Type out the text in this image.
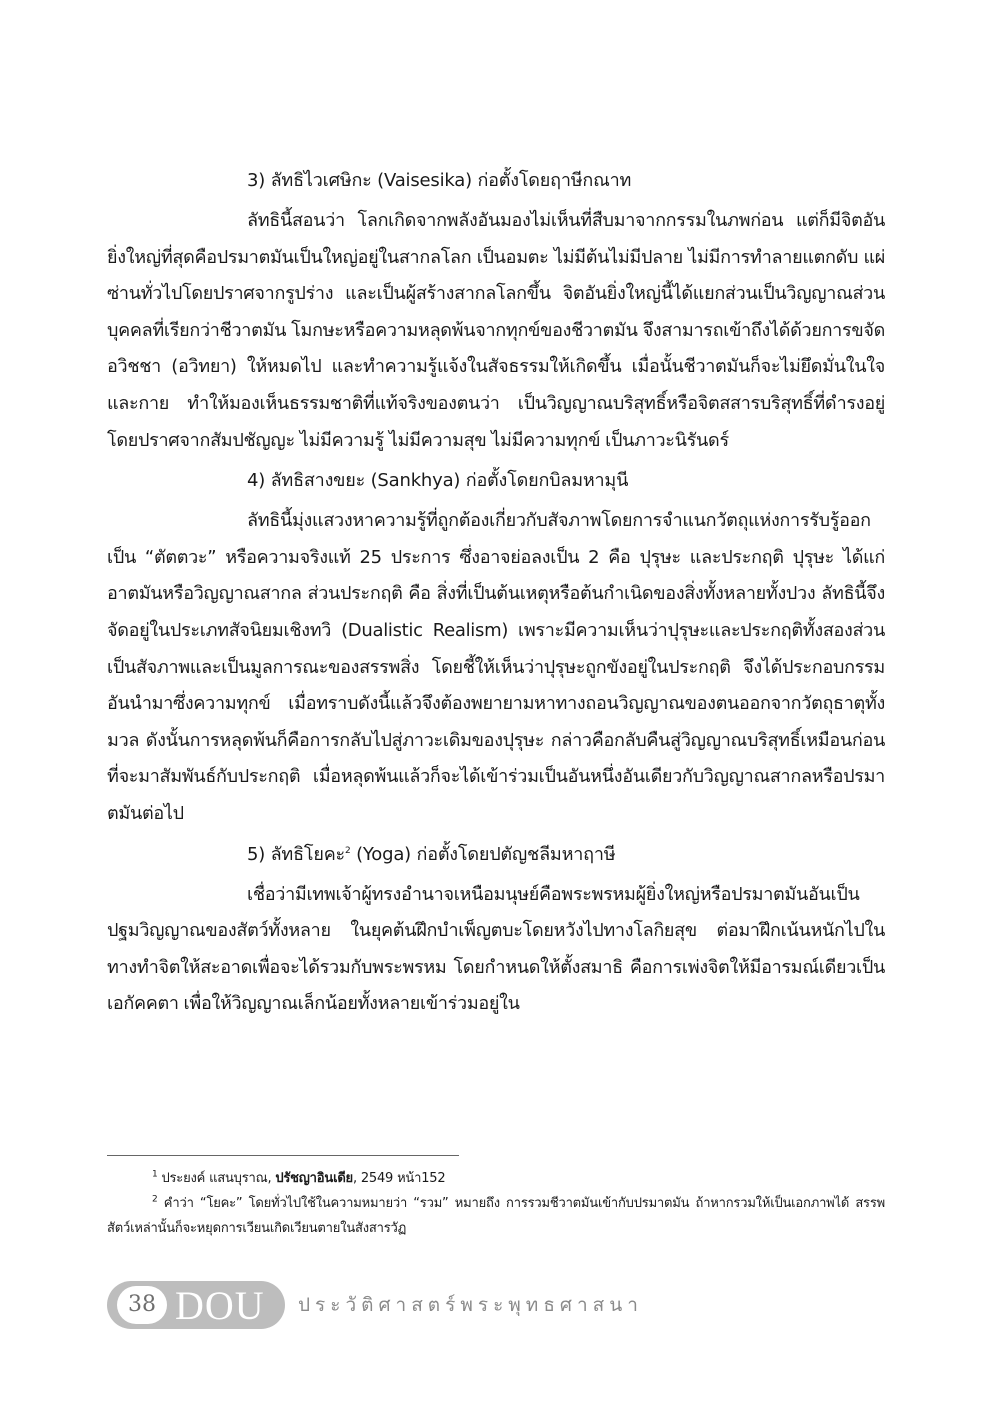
3) ลัทธิไวเศษิกะ (Vaisesika) ก่อตั้งโดยฤาษีกณาท

ลัทธินี้สอนว่า โลกเกิดจากพลังอันมองไม่เห็นที่สืบมาจากกรรมในภพก่อน แต่ก็มีจิตอันยิ่งใหญ่ที่สุดคือปรมาตมันเป็นใหญ่อยู่ในสากลโลก เป็นอมตะ ไม่มีต้นไม่มีปลาย ไม่มีการทำลายแตกดับ แผ่ซ่านทั่วไปโดยปราศจากรูปร่าง และเป็นผู้สร้างสากลโลกขึ้น จิตอันยิ่งใหญ่นี้ได้แยกส่วนเป็นวิญญาณส่วนบุคคลที่เรียกว่าชีวาตมัน โมกษะหรือความหลุดพ้นจากทุกข์ของชีวาตมัน จึงสามารถเข้าถึงได้ด้วยการขจัดอวิชชา (อวิทยา) ให้หมดไป และทำความรู้แจ้งในสัจธรรมให้เกิดขึ้น เมื่อนั้นชีวาตมันก็จะไม่ยึดมั่นในใจและกาย ทำให้มองเห็นธรรมชาติที่แท้จริงของตนว่า เป็นวิญญาณบริสุทธิ์หรือจิตสสารบริสุทธิ์ที่ดำรงอยู่โดยปราศจากสัมปชัญญะ ไม่มีความรู้ ไม่มีความสุข ไม่มีความทุกข์ เป็นภาวะนิรันดร์

4) ลัทธิสางขยะ (Sankhya) ก่อตั้งโดยกบิลมหามุนี

ลัทธินี้มุ่งแสวงหาความรู้ที่ถูกต้องเกี่ยวกับสัจภาพโดยการจำแนกวัตถุแห่งการรับรู้ออกเป็น “ตัตตวะ” หรือความจริงแท้ 25 ประการ ซึ่งอาจย่อลงเป็น 2 คือ ปุรุษะ และประกฤติ ปุรุษะ ได้แก่ อาตมันหรือวิญญาณสากล ส่วนประกฤติ คือ สิ่งที่เป็นต้นเหตุหรือต้นกำเนิดของสิ่งทั้งหลายทั้งปวง ลัทธินี้จึงจัดอยู่ในประเภทสัจนิยมเชิงทวิ (Dualistic Realism) เพราะมีความเห็นว่าปุรุษะและประกฤติทั้งสองส่วนเป็นสัจภาพและเป็นมูลการณะของสรรพสิ่ง โดยชี้ให้เห็นว่าปุรุษะถูกขังอยู่ในประกฤติ จึงได้ประกอบกรรมอันนำมาซึ่งความทุกข์ เมื่อทราบดังนี้แล้วจึงต้องพยายามหาทางถอนวิญญาณของตนออกจากวัตถุธาตุทั้งมวล ดังนั้นการหลุดพ้นก็คือการกลับไปสู่ภาวะเดิมของปุรุษะ กล่าวคือกลับคืนสู่วิญญาณบริสุทธิ์เหมือนก่อนที่จะมาสัมพันธ์กับประกฤติ เมื่อหลุดพ้นแล้วก็จะได้เข้าร่วมเป็นอันหนึ่งอันเดียวกับวิญญาณสากลหรือปรมาตมันต่อไป

5) ลัทธิโยคะ$^2$ (Yoga) ก่อตั้งโดยปตัญชลีมหาฤาษี

เชื่อว่ามีเทพเจ้าผู้ทรงอำนาจเหนือมนุษย์คือพระพรหมผู้ยิ่งใหญ่หรือปรมาตมันอันเป็นปฐมวิญญาณของสัตว์ทั้งหลาย ในยุคต้นฝึกบำเพ็ญตบะโดยหวังไปทางโลกิยสุข ต่อมาฝึกเน้นหนักไปในทางทำจิตให้สะอาดเพื่อจะได้รวมกับพระพรหม โดยกำหนดให้ตั้งสมาธิ คือการเพ่งจิตให้มีอารมณ์เดียวเป็นเอกัคคตา เพื่อให้วิญญาณเล็กน้อยทั้งหลายเข้าร่วมอยู่ใน

$^1$ ประยงค์ แสนบุราณ, ปรัชญาอินเดีย, 2549 หน้า152

$^2$ คำว่า “โยคะ” โดยทั่วไปใช้ในความหมายว่า “รวม” หมายถึง การรวมชีวาตมันเข้ากับปรมาตมัน ถ้าหากรวมให้เป็นเอกภาพได้ สรรพสัตว์เหล่านั้นก็จะหยุดการเวียนเกิดเวียนตายในสังสารวัฏ

38 DOU ประวัติศาสตร์พระพุทธศาสนา
